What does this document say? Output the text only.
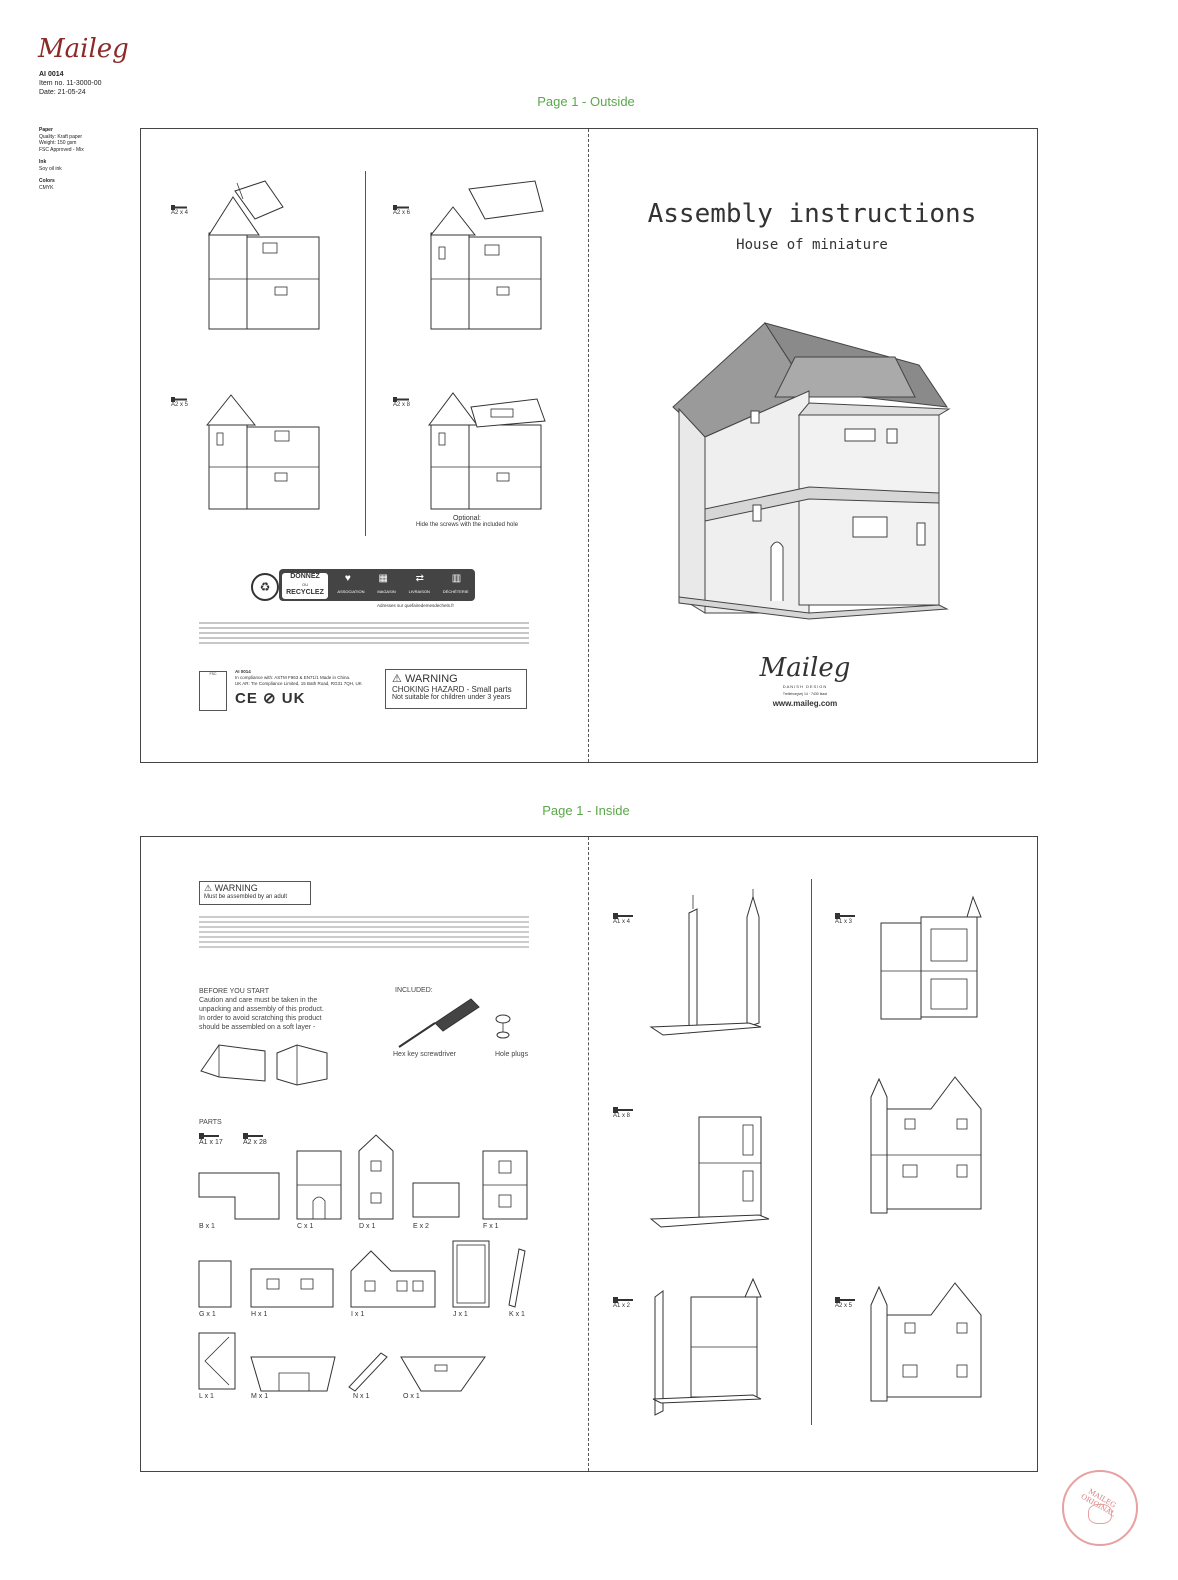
Maileg
AI 0014
Item no. 11-3000-00
Date: 21-05-24
Paper
Quality: Kraft paper
Weight: 150 gsm
FSC Approved - Mix
Ink
Soy oil ink
Colors
CMYK
Page 1 - Outside
A2 x 4	A2 x 6
A2 x 5	A2 x 8
Optional:
Hide the screws with the included hole
♻
DONNEZ
OU
RECYCLEZ	ASSOCIATION	MAGASIN	LIVRAISON	DÉCHÈTERIE
♥	▦	⇄	▥
Adresses sur quefairedemesdechets.fr
FSC	AI 0014
In compliance with: ASTM F963 & EN71/1 Made in China.
UK AR: Tre Compliance Limited, 15 Bath Road, RG31 7QH, UK
CE ⊘ UK
⚠ WARNING
CHOKING HAZARD - Small parts
Not suitable for children under 3 years
Assembly instructions
House of miniature
Maileg
DANISH DESIGN
Trelleborgvej 14 · 7430 Ikast
www.maileg.com
Page 1 - Inside
⚠ WARNING
Must be assembled by an adult
BEFORE YOU START
Caution and care must be taken in the unpacking and assembly of this product. In order to avoid scratching this product should be assembled on a soft layer -
INCLUDED:
Hex key screwdriver	Hole plugs
PARTS
A1 x 17	A2 x 28
B x 1	C x 1	D x 1	E x 2	F x 1
G x 1	H x 1	I x 1	J x 1	K x 1
L x 1	M x 1	N x 1	O x 1
A1 x 4	A1 x 3
A1 x 8
A1 x 2	A2 x 5
MAILEG ORIGINAL
